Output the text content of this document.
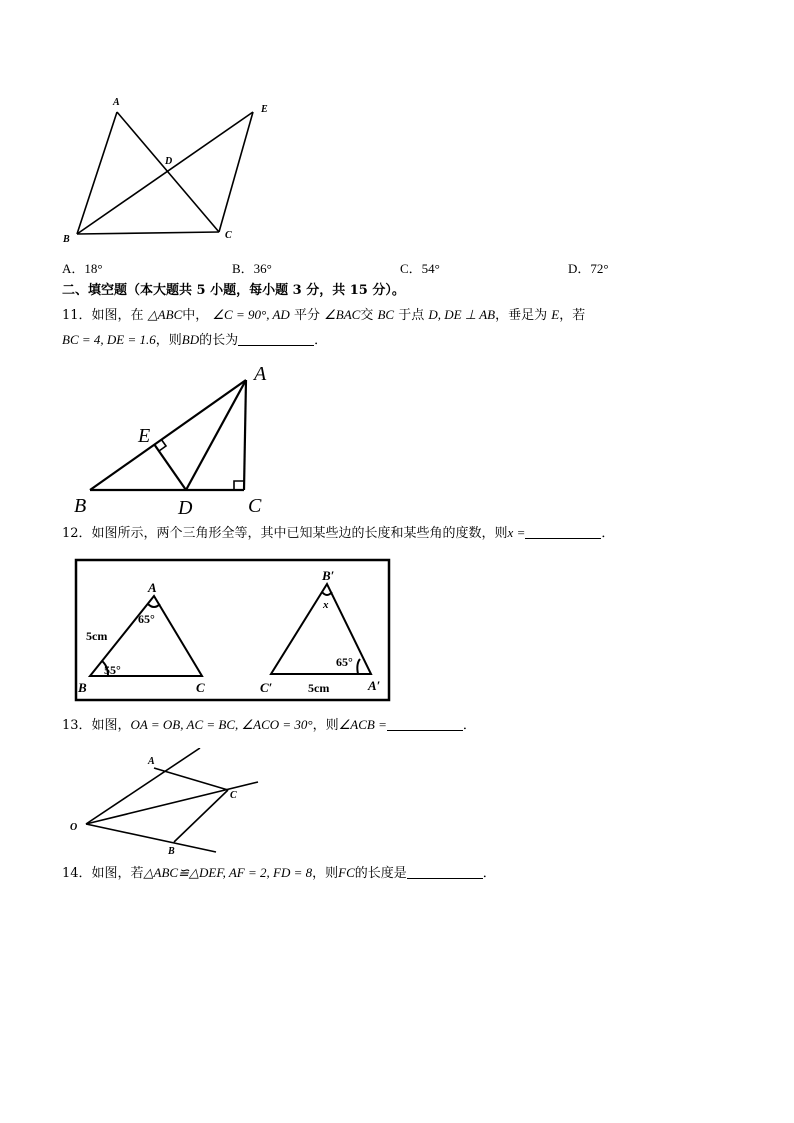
A
E
D
B	C
A．18°	B．36°	C．54°	D．72°
二、填空题（本大题共 5 小题，每小题 3 分，共 15 分）。
11．如图，在 △ABC中， ∠C = 90°, AD 平分 ∠BAC交 BC 于点 D, DE ⊥ AB，垂足为 E，若
BC = 4, DE = 1.6，则BD的长为	．
A
E
B	D	C
12．如图所示，两个三角形全等，其中已知某些边的长度和某些角的度数，则x =	．
A
65°
5cm
55°
B	C
B′
x
65°
C′	5cm	A′
13．如图，OA = OB, AC = BC, ∠ACO = 30°，则∠ACB =	．
A
C
O
B
14．如图，若△ABC≌△DEF, AF = 2, FD = 8，则FC的长度是	．
